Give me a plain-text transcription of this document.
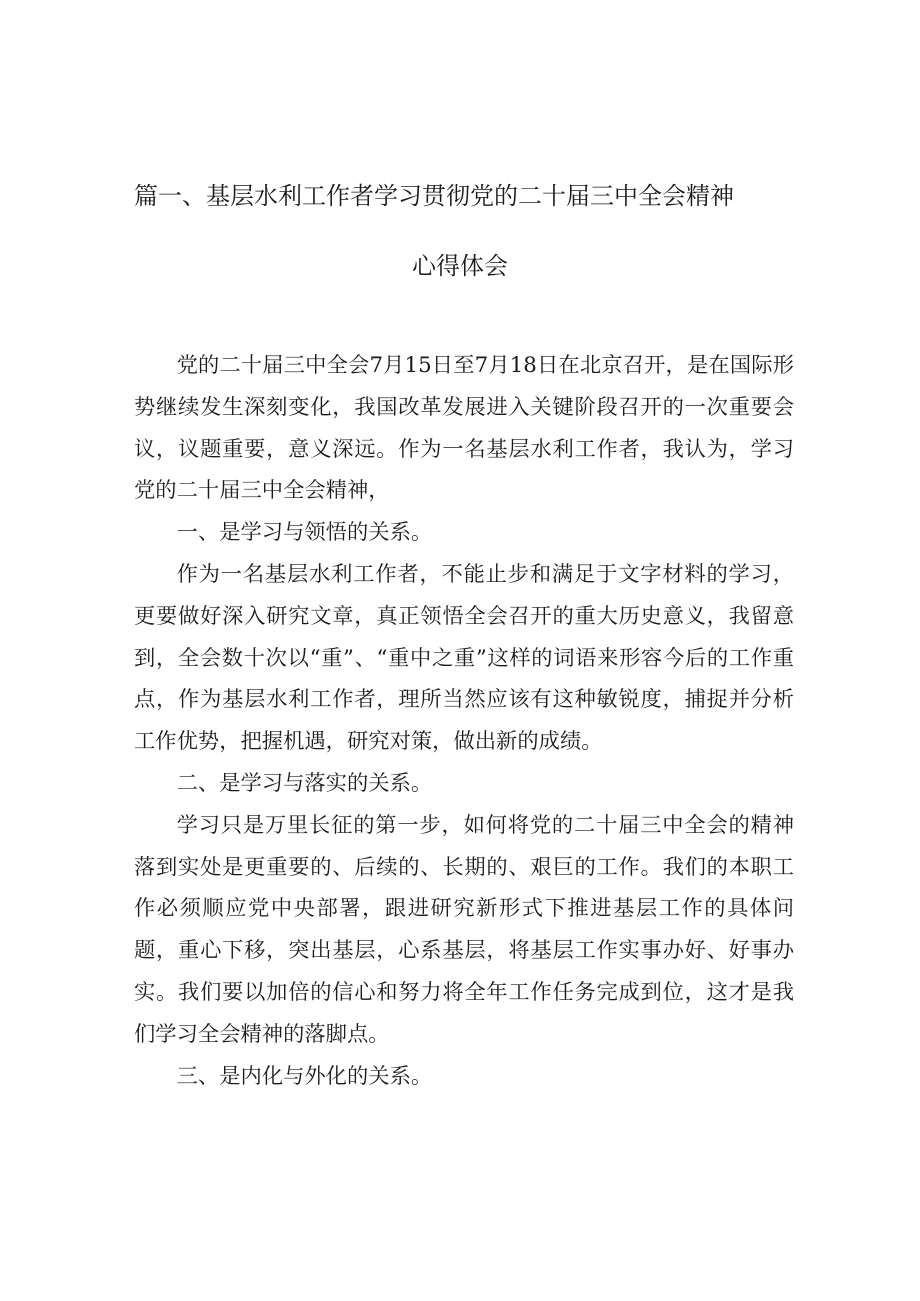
篇一、基层水利工作者学习贯彻党的二十届三中全会精神
心得体会

党的二十届三中全会7月15日至7月18日在北京召开，是在国际形势继续发生深刻变化，我国改革发展进入关键阶段召开的一次重要会议，议题重要，意义深远。作为一名基层水利工作者，我认为，学习党的二十届三中全会精神，

一、是学习与领悟的关系。

作为一名基层水利工作者，不能止步和满足于文字材料的学习，更要做好深入研究文章，真正领悟全会召开的重大历史意义，我留意到，全会数十次以“重”、“重中之重”这样的词语来形容今后的工作重点，作为基层水利工作者，理所当然应该有这种敏锐度，捕捉并分析工作优势，把握机遇，研究对策，做出新的成绩。

二、是学习与落实的关系。

学习只是万里长征的第一步，如何将党的二十届三中全会的精神落到实处是更重要的、后续的、长期的、艰巨的工作。我们的本职工作必须顺应党中央部署，跟进研究新形式下推进基层工作的具体问题，重心下移，突出基层，心系基层，将基层工作实事办好、好事办实。我们要以加倍的信心和努力将全年工作任务完成到位，这才是我们学习全会精神的落脚点。

三、是内化与外化的关系。
